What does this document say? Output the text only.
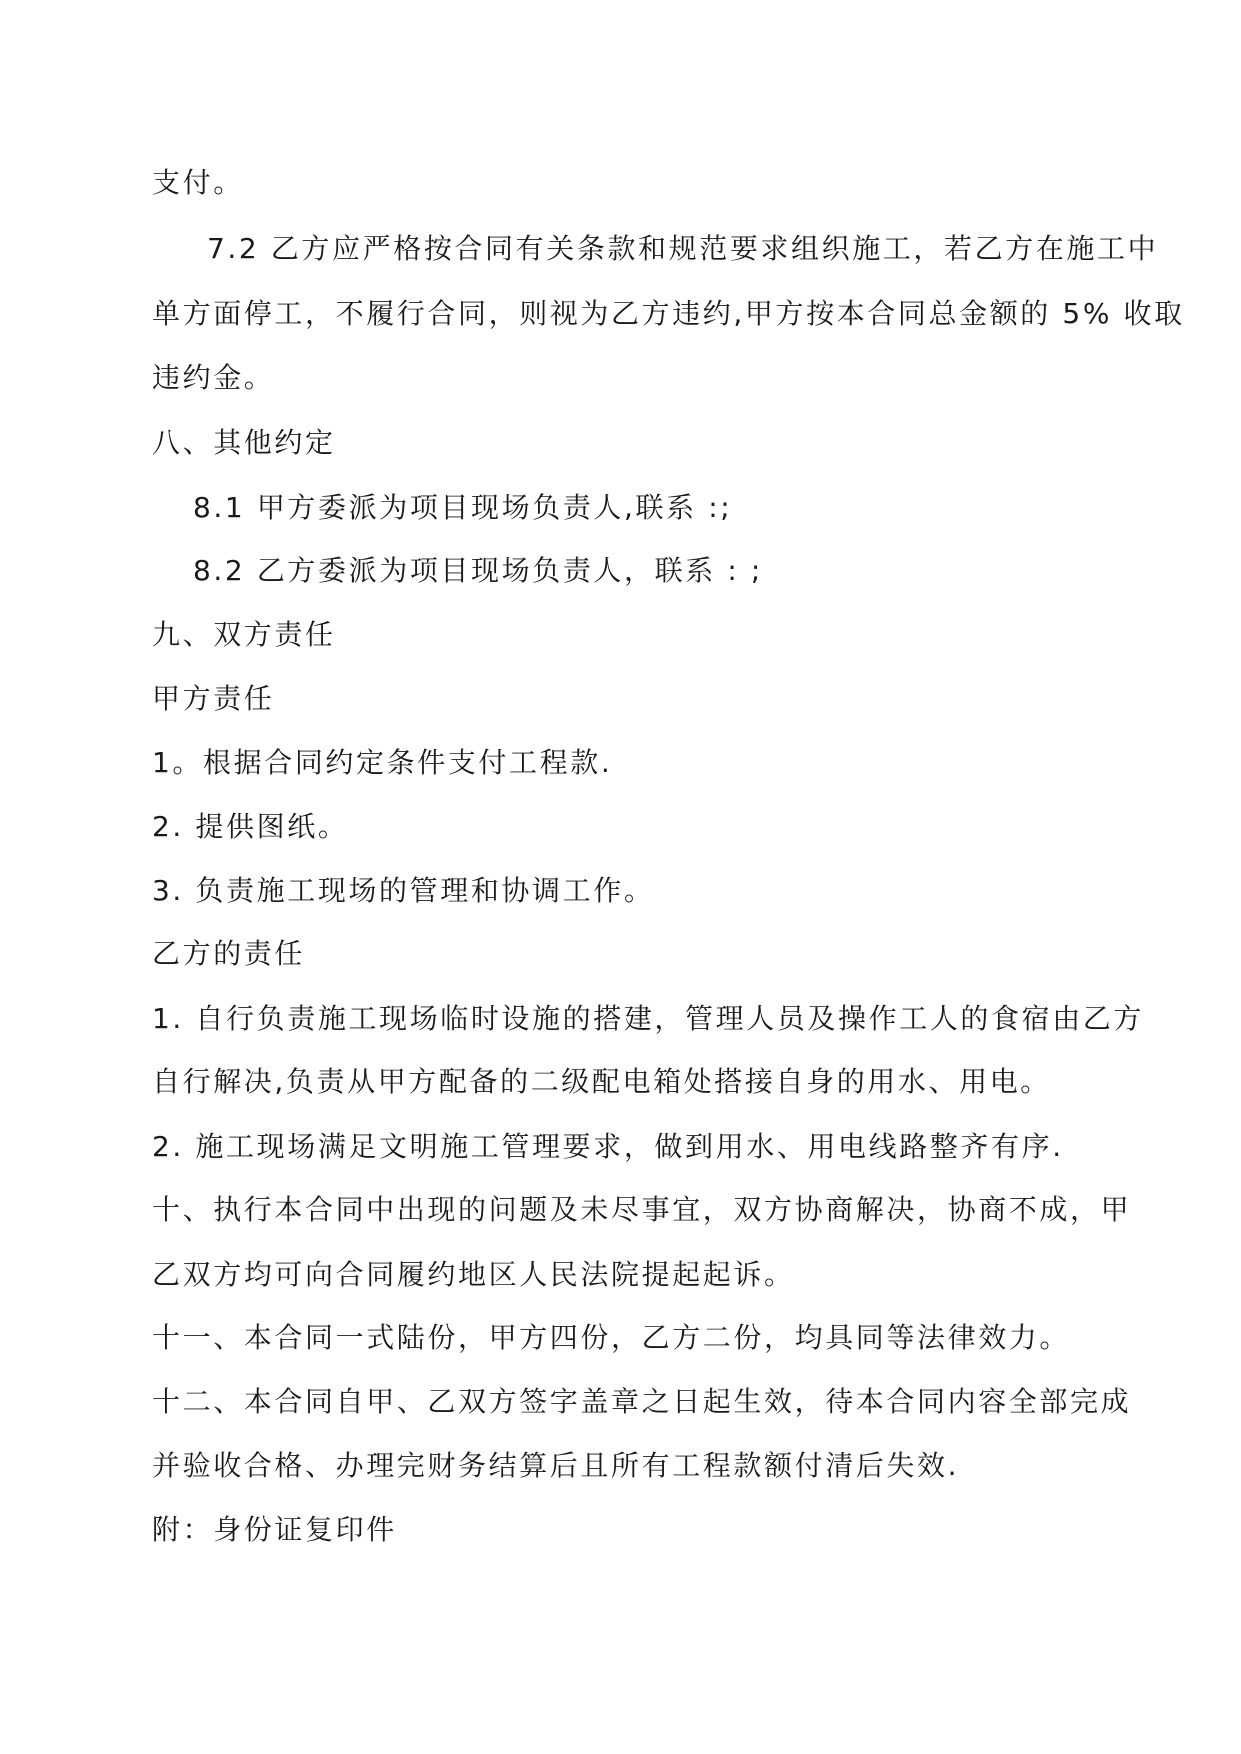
支付。
7.2 乙方应严格按合同有关条款和规范要求组织施工，若乙方在施工中
单方面停工，不履行合同，则视为乙方违约,甲方按本合同总金额的 5% 收取
违约金。
八、其他约定
8.1 甲方委派为项目现场负责人,联系 :;
8.2 乙方委派为项目现场负责人，联系 : ;
九、双方责任
甲方责任
1。根据合同约定条件支付工程款.
2. 提供图纸。
3. 负责施工现场的管理和协调工作。
乙方的责任
1. 自行负责施工现场临时设施的搭建，管理人员及操作工人的食宿由乙方
自行解决,负责从甲方配备的二级配电箱处搭接自身的用水、用电。
2. 施工现场满足文明施工管理要求，做到用水、用电线路整齐有序.
十、执行本合同中出现的问题及未尽事宜，双方协商解决，协商不成，甲
乙双方均可向合同履约地区人民法院提起起诉。
十一、本合同一式陆份，甲方四份，乙方二份，均具同等法律效力。
十二、本合同自甲、乙双方签字盖章之日起生效，待本合同内容全部完成
并验收合格、办理完财务结算后且所有工程款额付清后失效.
附：身份证复印件
